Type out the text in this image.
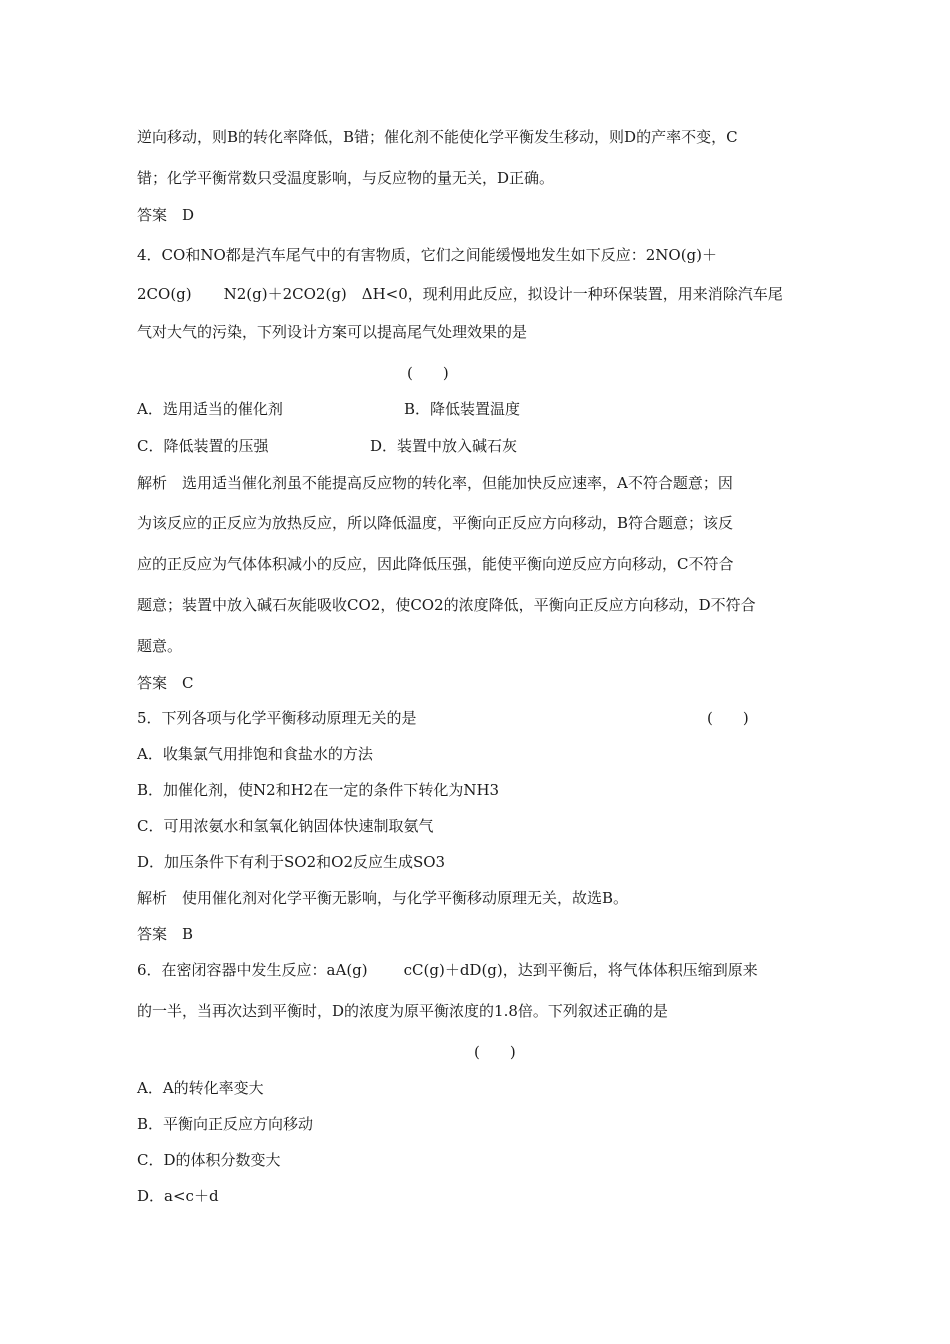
逆向移动，则B的转化率降低，B错；催化剂不能使化学平衡发生移动，则D的产率不变，C
错；化学平衡常数只受温度影响，与反应物的量无关，D正确。
答案　D
4．CO和NO都是汽车尾气中的有害物质，它们之间能缓慢地发生如下反应：2NO(g)＋
2CO(g) N2(g)＋2CO2(g)　ΔH<0，现利用此反应，拟设计一种环保装置，用来消除汽车尾
气对大气的污染，下列设计方案可以提高尾气处理效果的是
(　　)
A．选用适当的催化剂	B．降低装置温度
C．降低装置的压强	D．装置中放入碱石灰
解析　选用适当催化剂虽不能提高反应物的转化率，但能加快反应速率，A不符合题意；因
为该反应的正反应为放热反应，所以降低温度，平衡向正反应方向移动，B符合题意；该反
应的正反应为气体体积减小的反应，因此降低压强，能使平衡向逆反应方向移动，C不符合
题意；装置中放入碱石灰能吸收CO2，使CO2的浓度降低，平衡向正反应方向移动，D不符合
题意。
答案　C
5．下列各项与化学平衡移动原理无关的是	(　　)
A．收集氯气用排饱和食盐水的方法
B．加催化剂，使N2和H2在一定的条件下转化为NH3
C．可用浓氨水和氢氧化钠固体快速制取氨气
D．加压条件下有利于SO2和O2反应生成SO3
解析　使用催化剂对化学平衡无影响，与化学平衡移动原理无关，故选B。
答案　B
6．在密闭容器中发生反应：aA(g) cC(g)＋dD(g)，达到平衡后，将气体体积压缩到原来
的一半，当再次达到平衡时，D的浓度为原平衡浓度的1.8倍。下列叙述正确的是
(　　)
A．A的转化率变大
B．平衡向正反应方向移动
C．D的体积分数变大
D．a<c＋d
